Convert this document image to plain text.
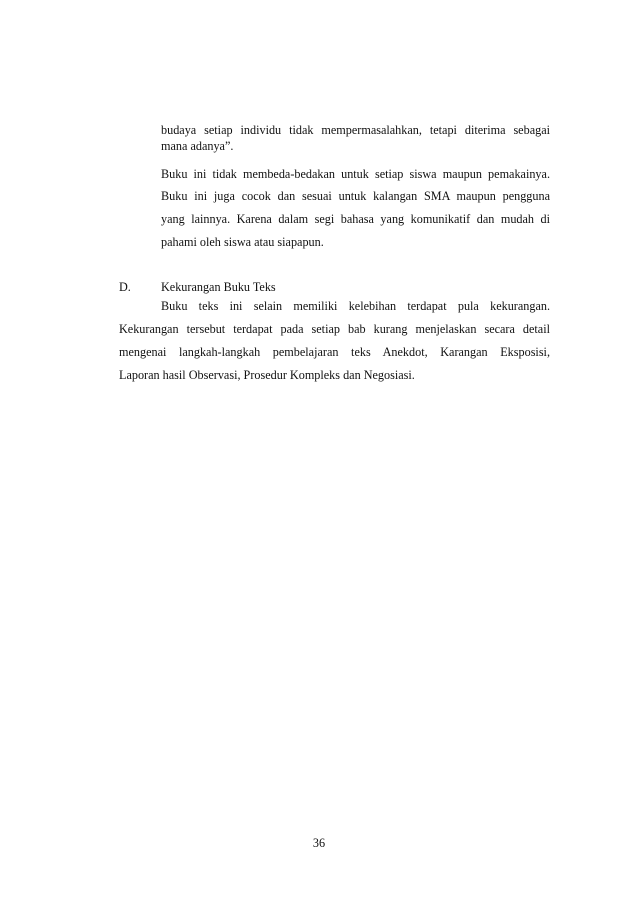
budaya setiap individu tidak mempermasalahkan, tetapi diterima sebagai
mana adanya”.
Buku ini tidak membeda-bedakan untuk setiap siswa maupun pemakainya.
Buku ini juga cocok dan sesuai untuk kalangan SMA maupun pengguna
yang lainnya. Karena dalam segi bahasa yang komunikatif dan mudah di
pahami oleh siswa atau siapapun.
D. Kekurangan Buku Teks
Buku teks ini selain memiliki kelebihan terdapat pula kekurangan.
Kekurangan tersebut terdapat pada setiap bab kurang menjelaskan secara detail
mengenai langkah-langkah pembelajaran teks Anekdot, Karangan Eksposisi,
Laporan hasil Observasi, Prosedur Kompleks dan Negosiasi.
36
